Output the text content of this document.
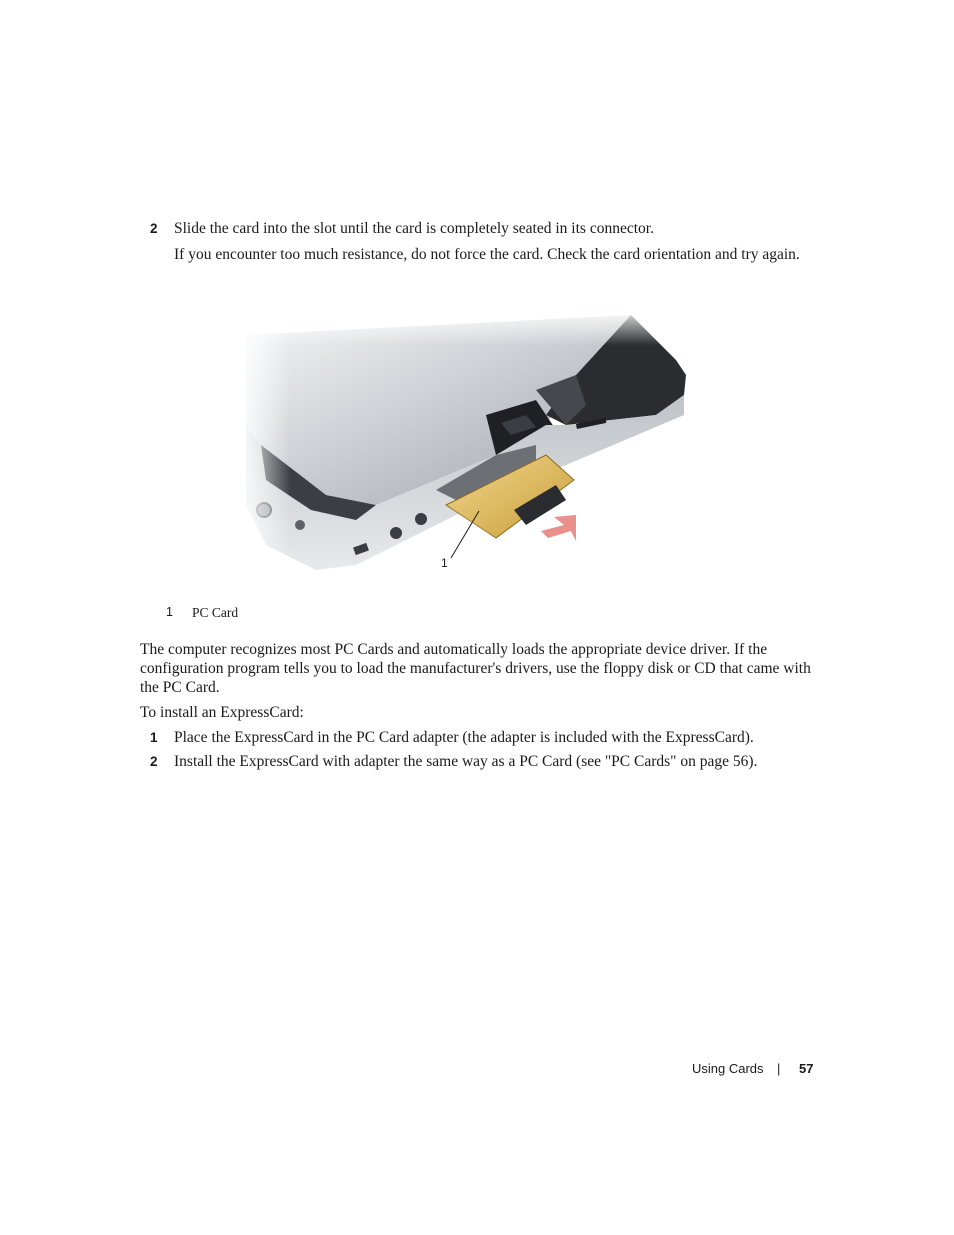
2	Slide the card into the slot until the card is completely seated in its connector.
If you encounter too much resistance, do not force the card. Check the card orientation and try again.
1
1 PC Card
The computer recognizes most PC Cards and automatically loads the appropriate device driver. If the
configuration program tells you to load the manufacturer's drivers, use the floppy disk or CD that came with
the PC Card.
To install an ExpressCard:
1	Place the ExpressCard in the PC Card adapter (the adapter is included with the ExpressCard).
2	Install the ExpressCard with adapter the same way as a PC Card (see "PC Cards" on page 56).
Using Cards | 57
